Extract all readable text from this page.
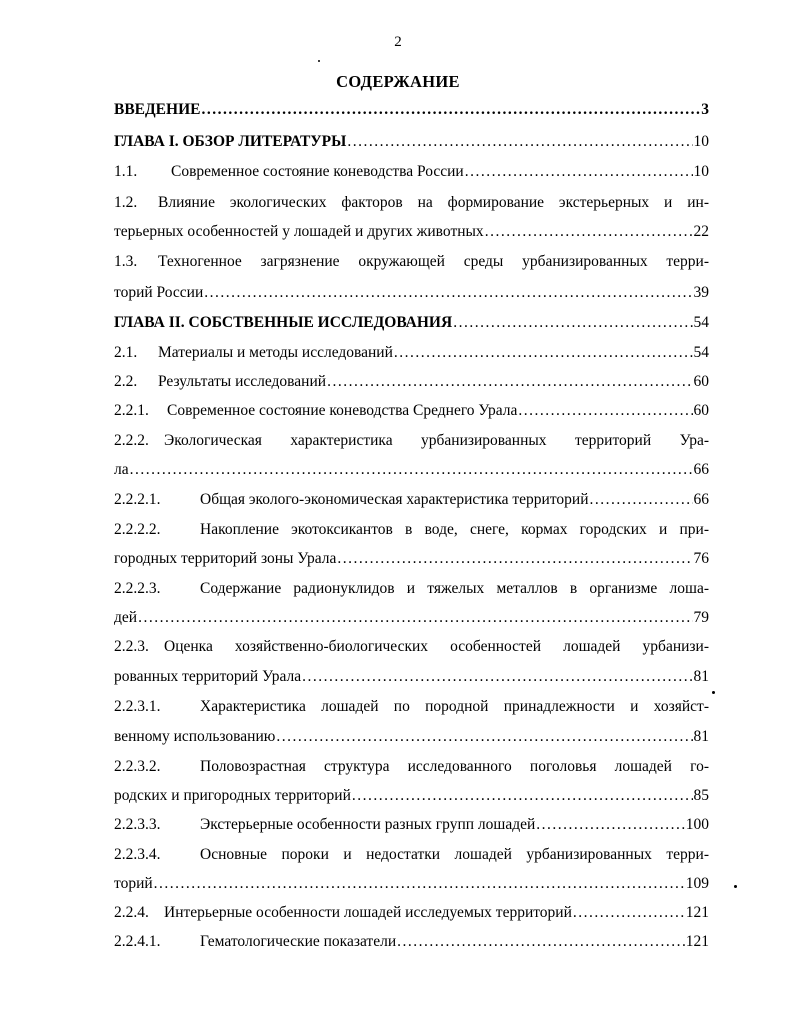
2
СОДЕРЖАНИЕ
ВВЕДЕНИЕ .....	3
ГЛАВА I. ОБЗОР ЛИТЕРАТУРЫ .....	10
1.1. Современное состояние коневодства России .....	10
1.2. Влияние экологических факторов на формирование экстерьерных и ин-
терьерных особенностей у лошадей и других животных .....	22
1.3. Техногенное загрязнение окружающей среды урбанизированных терри-
торий России .....	39
ГЛАВА II. СОБСТВЕННЫЕ ИССЛЕДОВАНИЯ .....	54
2.1. Материалы и методы исследований .....	54
2.2. Результаты исследований .....	60
2.2.1. Современное состояние коневодства Среднего Урала .....	60
2.2.2. Экологическая характеристика урбанизированных территорий Ура-
ла .....	66
2.2.2.1.	Общая эколого-экономическая характеристика территорий .....	66
2.2.2.2.	Накопление экотоксикантов в воде, снеге, кормах городских и при-
городных территорий зоны Урала .....	76
2.2.2.3.	Содержание радионуклидов и тяжелых металлов в организме лоша-
дей .....	79
2.2.3. Оценка хозяйственно-биологических особенностей лошадей урбанизи-
рованных территорий Урала .....	81
2.2.3.1.	Характеристика лошадей по породной принадлежности и хозяйст-
венному использованию .....	81
2.2.3.2.	Половозрастная структура исследованного поголовья лошадей го-
родских и пригородных территорий .....	85
2.2.3.3.	Экстерьерные особенности разных групп лошадей .....	100
2.2.3.4.	Основные пороки и недостатки лошадей урбанизированных терри-
торий .....	109
2.2.4. Интерьерные особенности лошадей исследуемых территорий .....	121
2.2.4.1.	Гематологические показатели .....	121
